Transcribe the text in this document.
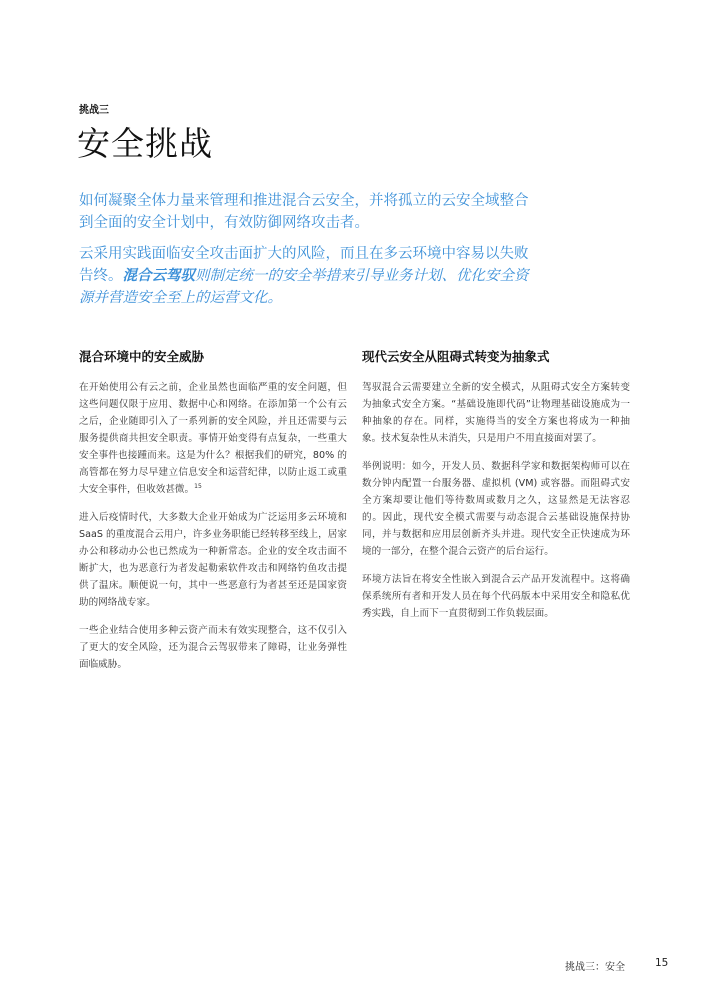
挑战三
安全挑战
如何凝聚全体力量来管理和推进混合云安全，并将孤立的云安全域整合到全面的安全计划中，有效防御网络攻击者。
云采用实践面临安全攻击面扩大的风险，而且在多云环境中容易以失败告终。混合云驾驭则制定统一的安全举措来引导业务计划、优化安全资源并营造安全至上的运营文化。
混合环境中的安全威胁

在开始使用公有云之前，企业虽然也面临严重的安全问题，但这些问题仅限于应用、数据中心和网络。在添加第一个公有云之后，企业随即引入了一系列新的安全风险，并且还需要与云服务提供商共担安全职责。事情开始变得有点复杂，一些重大安全事件也接踵而来。这是为什么？根据我们的研究，80% 的高管都在努力尽早建立信息安全和运营纪律，以防止返工或重大安全事件，但收效甚微。$^{15}$

进入后疫情时代，大多数大企业开始成为广泛运用多云环境和 SaaS 的重度混合云用户，许多业务职能已经转移至线上，居家办公和移动办公也已然成为一种新常态。企业的安全攻击面不断扩大，也为恶意行为者发起勒索软件攻击和网络钓鱼攻击提供了温床。顺便说一句，其中一些恶意行为者甚至还是国家资助的网络战专家。

一些企业结合使用多种云资产而未有效实现整合，这不仅引入了更大的安全风险，还为混合云驾驭带来了障碍，让业务弹性面临威胁。

现代云安全从阻碍式转变为抽象式

驾驭混合云需要建立全新的安全模式，从阻碍式安全方案转变为抽象式安全方案。“基础设施即代码”让物理基础设施成为一种抽象的存在。同样，实施得当的安全方案也将成为一种抽象。技术复杂性从未消失，只是用户不用直接面对罢了。

举例说明：如今，开发人员、数据科学家和数据架构师可以在数分钟内配置一台服务器、虚拟机 (VM) 或容器。而阻碍式安全方案却要让他们等待数周或数月之久，这显然是无法容忍的。因此，现代安全模式需要与动态混合云基础设施保持协同，并与数据和应用层创新齐头并进。现代安全正快速成为环境的一部分，在整个混合云资产的后台运行。

环境方法旨在将安全性嵌入到混合云产品开发流程中。这将确保系统所有者和开发人员在每个代码版本中采用安全和隐私优秀实践，自上而下一直贯彻到工作负载层面。

挑战三：安全	15
